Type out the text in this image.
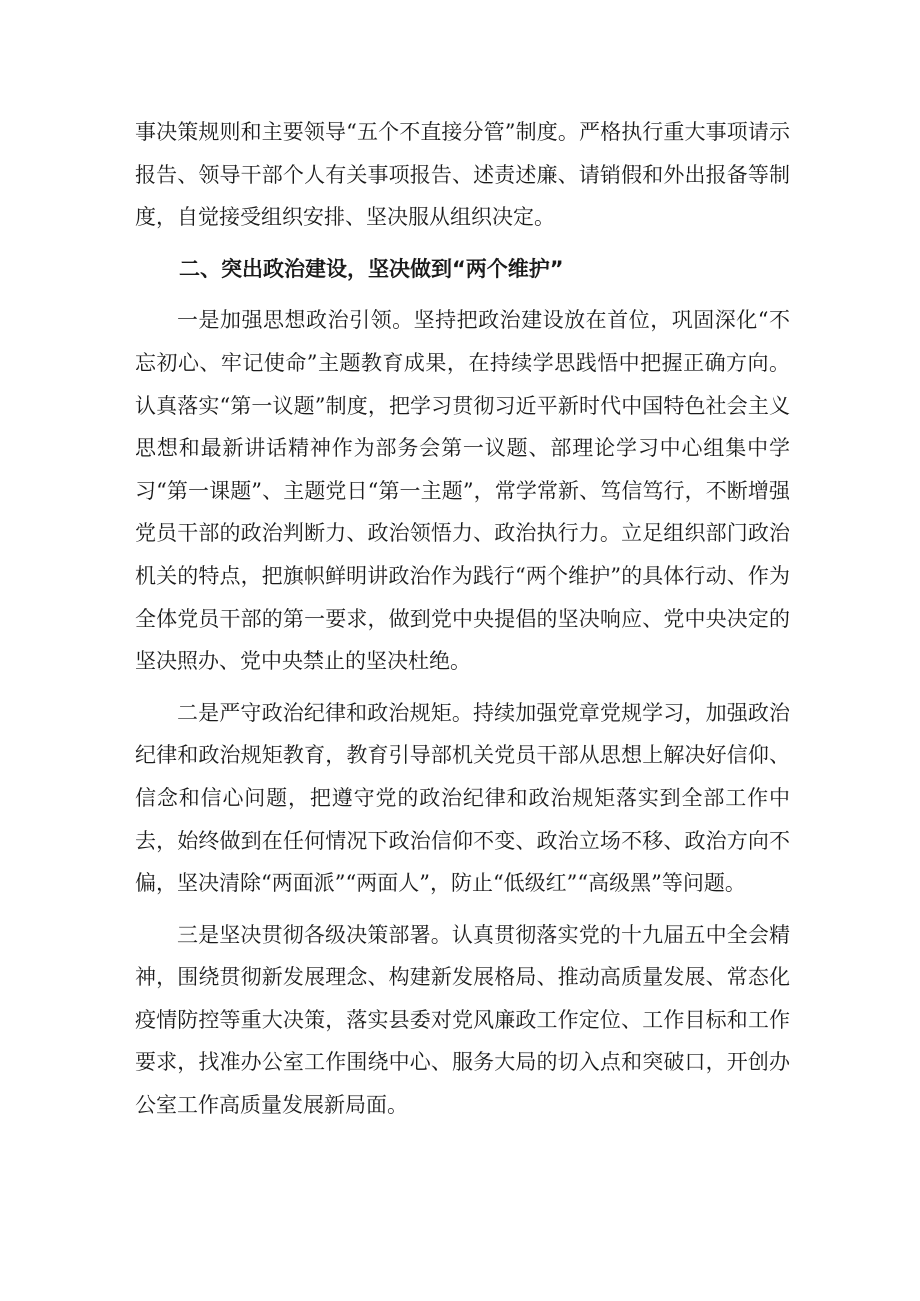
事决策规则和主要领导“五个不直接分管”制度。严格执行重大事项请示报告、领导干部个人有关事项报告、述责述廉、请销假和外出报备等制度，自觉接受组织安排、坚决服从组织决定。

二、突出政治建设，坚决做到“两个维护”

一是加强思想政治引领。坚持把政治建设放在首位，巩固深化“不忘初心、牢记使命”主题教育成果，在持续学思践悟中把握正确方向。认真落实“第一议题”制度，把学习贯彻习近平新时代中国特色社会主义思想和最新讲话精神作为部务会第一议题、部理论学习中心组集中学习“第一课题”、主题党日“第一主题”，常学常新、笃信笃行，不断增强党员干部的政治判断力、政治领悟力、政治执行力。立足组织部门政治机关的特点，把旗帜鲜明讲政治作为践行“两个维护”的具体行动、作为全体党员干部的第一要求，做到党中央提倡的坚决响应、党中央决定的坚决照办、党中央禁止的坚决杜绝。

二是严守政治纪律和政治规矩。持续加强党章党规学习，加强政治纪律和政治规矩教育，教育引导部机关党员干部从思想上解决好信仰、信念和信心问题，把遵守党的政治纪律和政治规矩落实到全部工作中去，始终做到在任何情况下政治信仰不变、政治立场不移、政治方向不偏，坚决清除“两面派”“两面人”，防止“低级红”“高级黑”等问题。

三是坚决贯彻各级决策部署。认真贯彻落实党的十九届五中全会精神，围绕贯彻新发展理念、构建新发展格局、推动高质量发展、常态化疫情防控等重大决策，落实县委对党风廉政工作定位、工作目标和工作要求，找准办公室工作围绕中心、服务大局的切入点和突破口，开创办公室工作高质量发展新局面。
